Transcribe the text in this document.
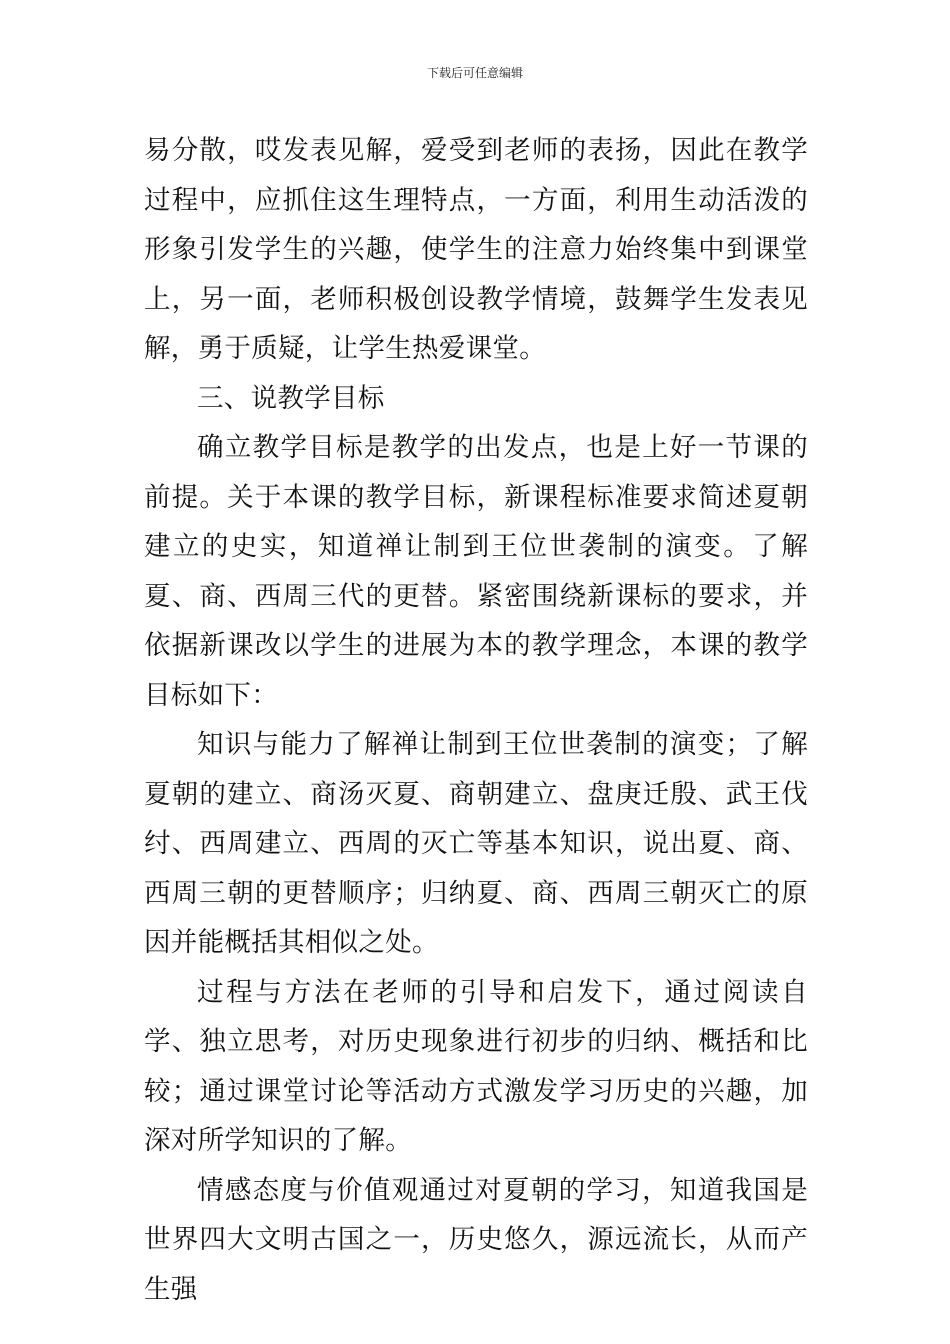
下载后可任意编辑

易分散，哎发表见解，爱受到老师的表扬，因此在教学过程中，应抓住这生理特点，一方面，利用生动活泼的形象引发学生的兴趣，使学生的注意力始终集中到课堂上，另一面，老师积极创设教学情境，鼓舞学生发表见解，勇于质疑，让学生热爱课堂。

三、说教学目标

确立教学目标是教学的出发点，也是上好一节课的前提。关于本课的教学目标，新课程标准要求简述夏朝建立的史实，知道禅让制到王位世袭制的演变。了解夏、商、西周三代的更替。紧密围绕新课标的要求，并依据新课改以学生的进展为本的教学理念，本课的教学目标如下：

知识与能力了解禅让制到王位世袭制的演变；了解夏朝的建立、商汤灭夏、商朝建立、盘庚迁殷、武王伐纣、西周建立、西周的灭亡等基本知识，说出夏、商、西周三朝的更替顺序；归纳夏、商、西周三朝灭亡的原因并能概括其相似之处。

过程与方法在老师的引导和启发下，通过阅读自学、独立思考，对历史现象进行初步的归纳、概括和比较；通过课堂讨论等活动方式激发学习历史的兴趣，加深对所学知识的了解。

情感态度与价值观通过对夏朝的学习，知道我国是世界四大文明古国之一，历史悠久，源远流长，从而产生强
